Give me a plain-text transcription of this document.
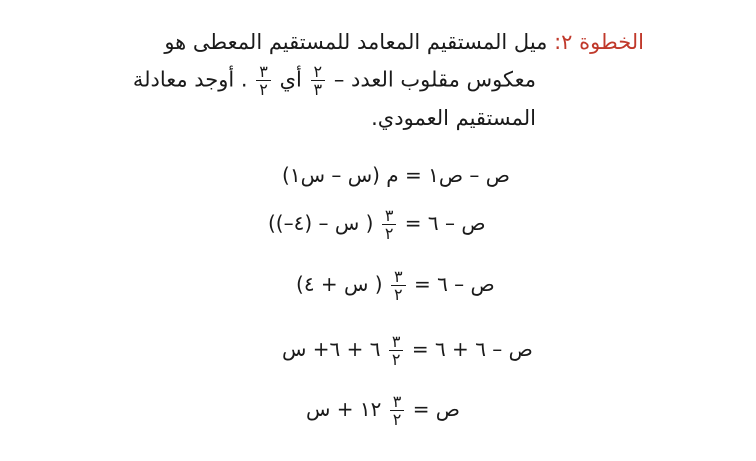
الخطوة ٢: ميل المستقيم المعامد للمستقيم المعطى هو
معكوس مقلوب العدد –
$\frac{٢}{٣}$
أي
$\frac{٣}{٢}$
. أوجد معادلة
المستقيم العمودي.
(س – س١) = م ص – ص١
((–٤) – س ) $\frac{٣}{٢}$ ص – ٦ =
(س + ٤ ) $\frac{٣}{٢}$ ص – ٦ =
٦ + ٦+ س $\frac{٣}{٢}$ ص – ٦ + ٦ =
١٢ + س $\frac{٣}{٢}$ ص =
